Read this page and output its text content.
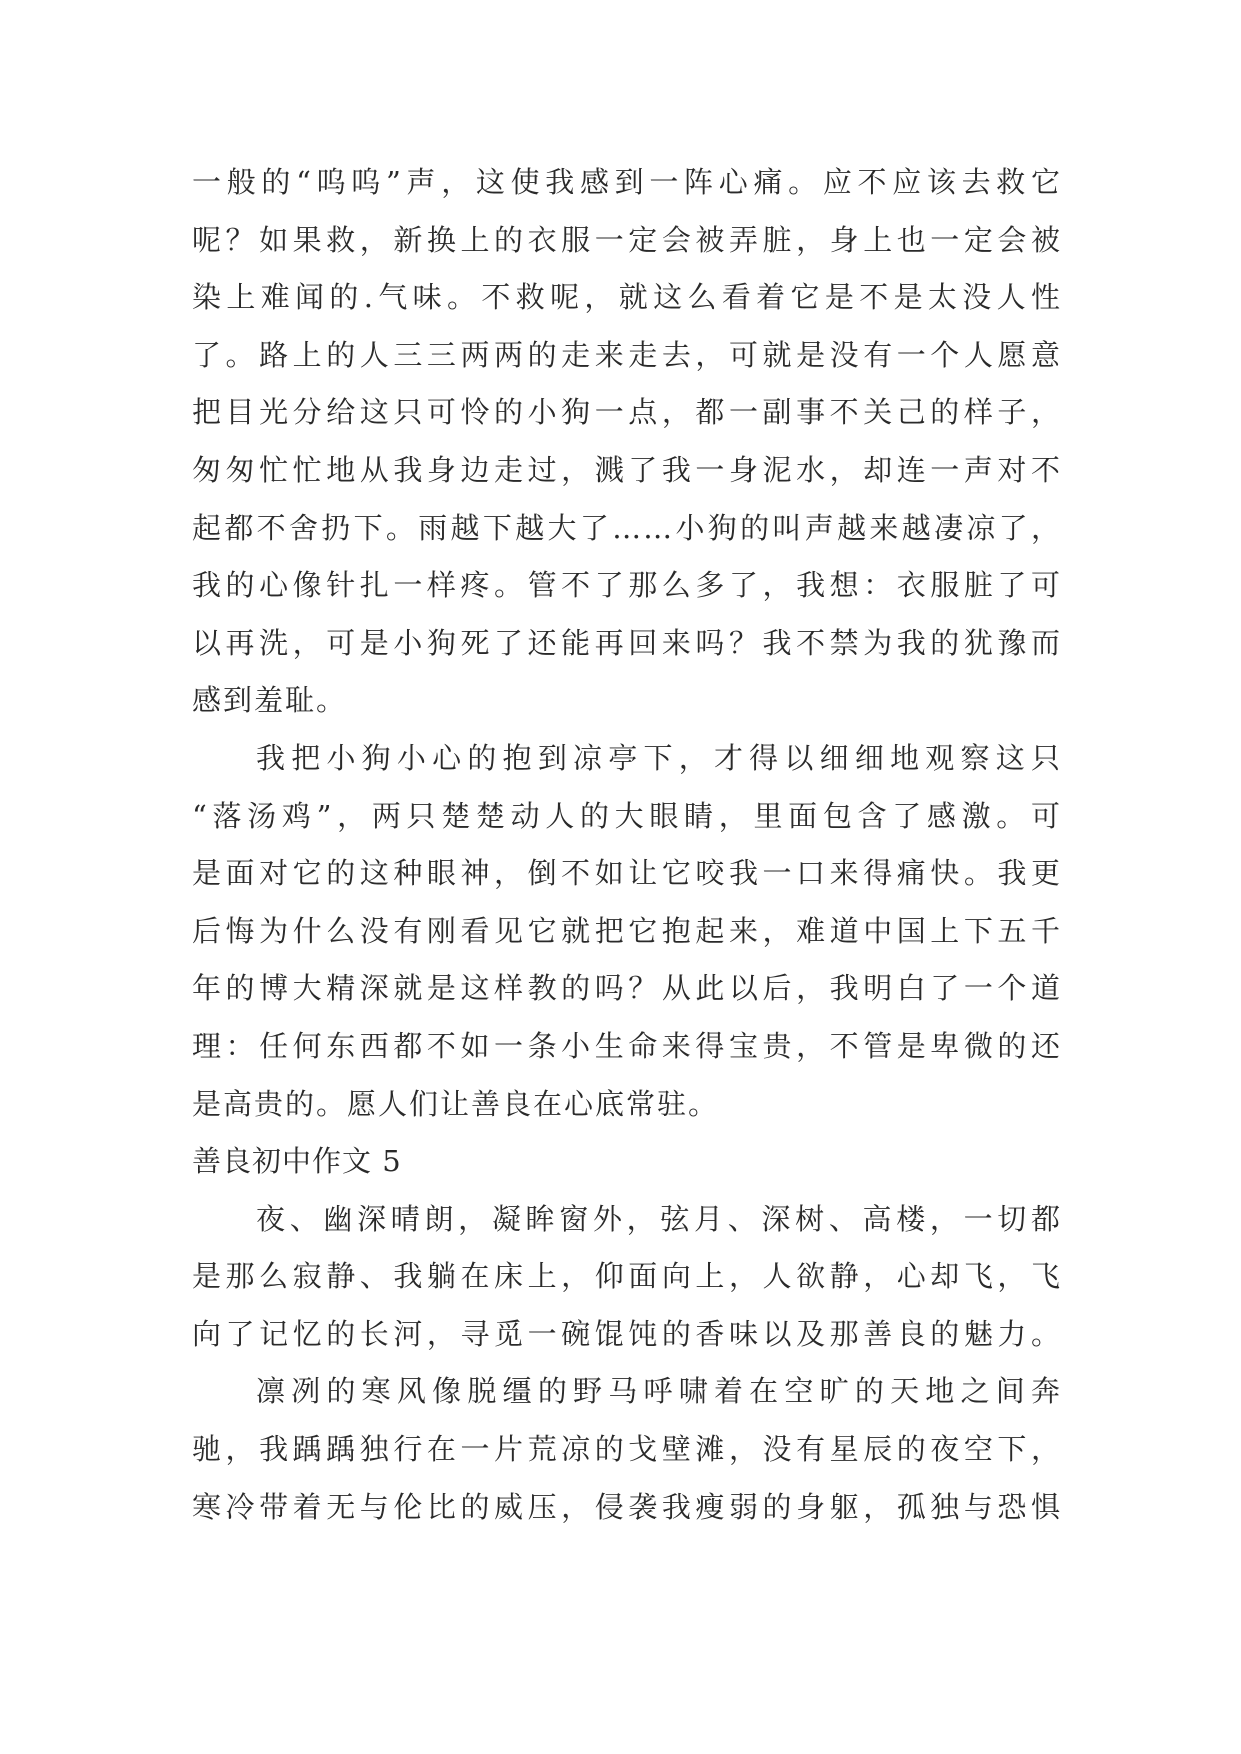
一般的“呜呜”声，这使我感到一阵心痛。应不应该去救它
呢？如果救，新换上的衣服一定会被弄脏，身上也一定会被
染上难闻的.气味。不救呢，就这么看着它是不是太没人性
了。路上的人三三两两的走来走去，可就是没有一个人愿意
把目光分给这只可怜的小狗一点，都一副事不关己的样子，
匆匆忙忙地从我身边走过，溅了我一身泥水，却连一声对不
起都不舍扔下。雨越下越大了……小狗的叫声越来越凄凉了，
我的心像针扎一样疼。管不了那么多了，我想：衣服脏了可
以再洗，可是小狗死了还能再回来吗？我不禁为我的犹豫而
感到羞耻。
我把小狗小心的抱到凉亭下，才得以细细地观察这只
“落汤鸡”，两只楚楚动人的大眼睛，里面包含了感激。可
是面对它的这种眼神，倒不如让它咬我一口来得痛快。我更
后悔为什么没有刚看见它就把它抱起来，难道中国上下五千
年的博大精深就是这样教的吗？从此以后，我明白了一个道
理：任何东西都不如一条小生命来得宝贵，不管是卑微的还
是高贵的。愿人们让善良在心底常驻。
善良初中作文 5
夜、幽深晴朗，凝眸窗外，弦月、深树、高楼，一切都
是那么寂静、我躺在床上，仰面向上，人欲静，心却飞，飞
向了记忆的长河，寻觅一碗馄饨的香味以及那善良的魅力。
凛冽的寒风像脱缰的野马呼啸着在空旷的天地之间奔
驰，我踽踽独行在一片荒凉的戈壁滩，没有星辰的夜空下，
寒冷带着无与伦比的威压，侵袭我瘦弱的身躯，孤独与恐惧
